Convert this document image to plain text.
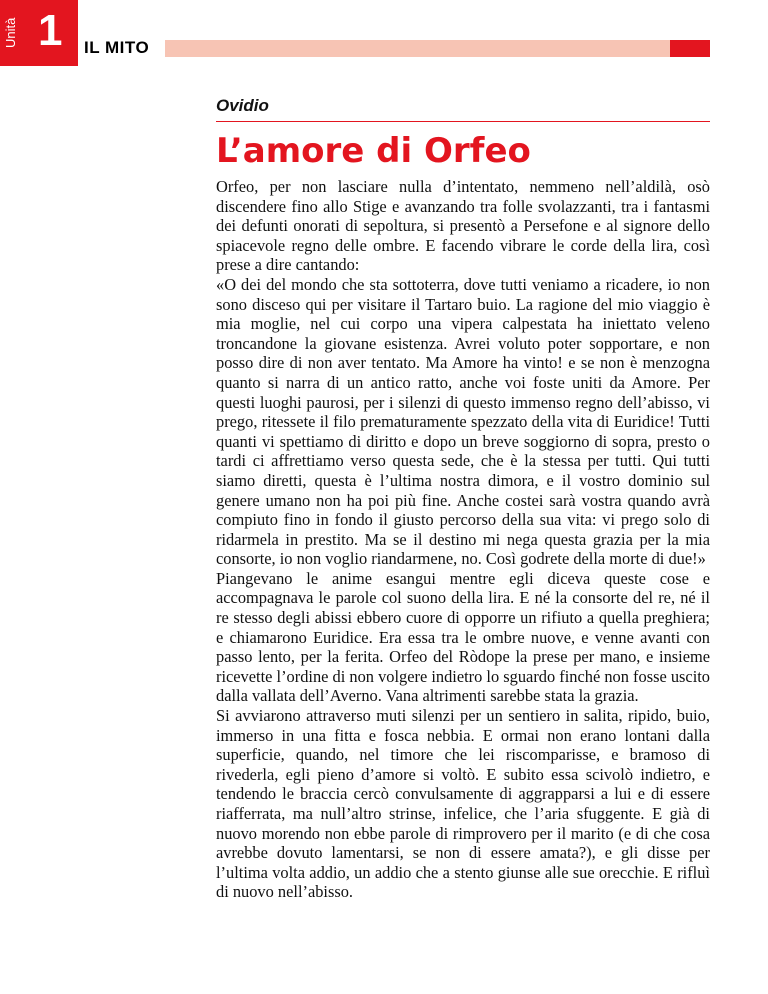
Unità 1 IL MITO
Ovidio
L’amore di Orfeo

Orfeo, per non lasciare nulla d’intentato, nemmeno nell’aldilà, osò discendere fino allo Stige e avanzando tra folle svolazzanti, tra i fantasmi dei defunti onorati di sepoltura, si presentò a Persefone e al signore dello spiacevole regno delle ombre. E facendo vibrare le corde della lira, così prese a dire cantando:

«O dei del mondo che sta sottoterra, dove tutti veniamo a ricadere, io non sono disceso qui per visitare il Tartaro buio. La ragione del mio viaggio è mia moglie, nel cui corpo una vipera calpestata ha iniettato veleno troncandone la giovane esistenza. Avrei voluto poter sopportare, e non posso dire di non aver tentato. Ma Amore ha vinto! e se non è menzogna quanto si narra di un antico ratto, anche voi foste uniti da Amore. Per questi luoghi paurosi, per i silenzi di questo immenso regno dell’abisso, vi prego, ritessete il filo prematuramente spezzato della vita di Euridice! Tutti quanti vi spettiamo di diritto e dopo un breve soggiorno di sopra, presto o tardi ci affrettiamo verso questa sede, che è la stessa per tutti. Qui tutti siamo diretti, questa è l’ultima nostra dimora, e il vostro dominio sul genere umano non ha poi più fine. Anche costei sarà vostra quando avrà compiuto fino in fondo il giusto percorso della sua vita: vi prego solo di ridarmela in prestito. Ma se il destino mi nega questa grazia per la mia consorte, io non voglio riandarmene, no. Così godrete della morte di due!»

Piangevano le anime esangui mentre egli diceva queste cose e accompagnava le parole col suono della lira. E né la consorte del re, né il re stesso degli abissi ebbero cuore di opporre un rifiuto a quella preghiera; e chiamarono Euridice. Era essa tra le ombre nuove, e venne avanti con passo lento, per la ferita. Orfeo del Ròdope la prese per mano, e insieme ricevette l’ordine di non volgere indietro lo sguardo finché non fosse uscito dalla vallata dell’Averno. Vana altrimenti sarebbe stata la grazia.

Si avviarono attraverso muti silenzi per un sentiero in salita, ripido, buio, immerso in una fitta e fosca nebbia. E ormai non erano lontani dalla superficie, quando, nel timore che lei riscomparisse, e bramoso di rivederla, egli pieno d’amore si voltò. E subito essa scivolò indietro, e tendendo le braccia cercò convulsamente di aggrapparsi a lui e di essere riafferrata, ma null’altro strinse, infelice, che l’aria sfuggente. E già di nuovo morendo non ebbe parole di rimprovero per il marito (e di che cosa avrebbe dovuto lamentarsi, se non di essere amata?), e gli disse per l’ultima volta addio, un addio che a stento giunse alle sue orecchie. E rifluì di nuovo nell’abisso.
